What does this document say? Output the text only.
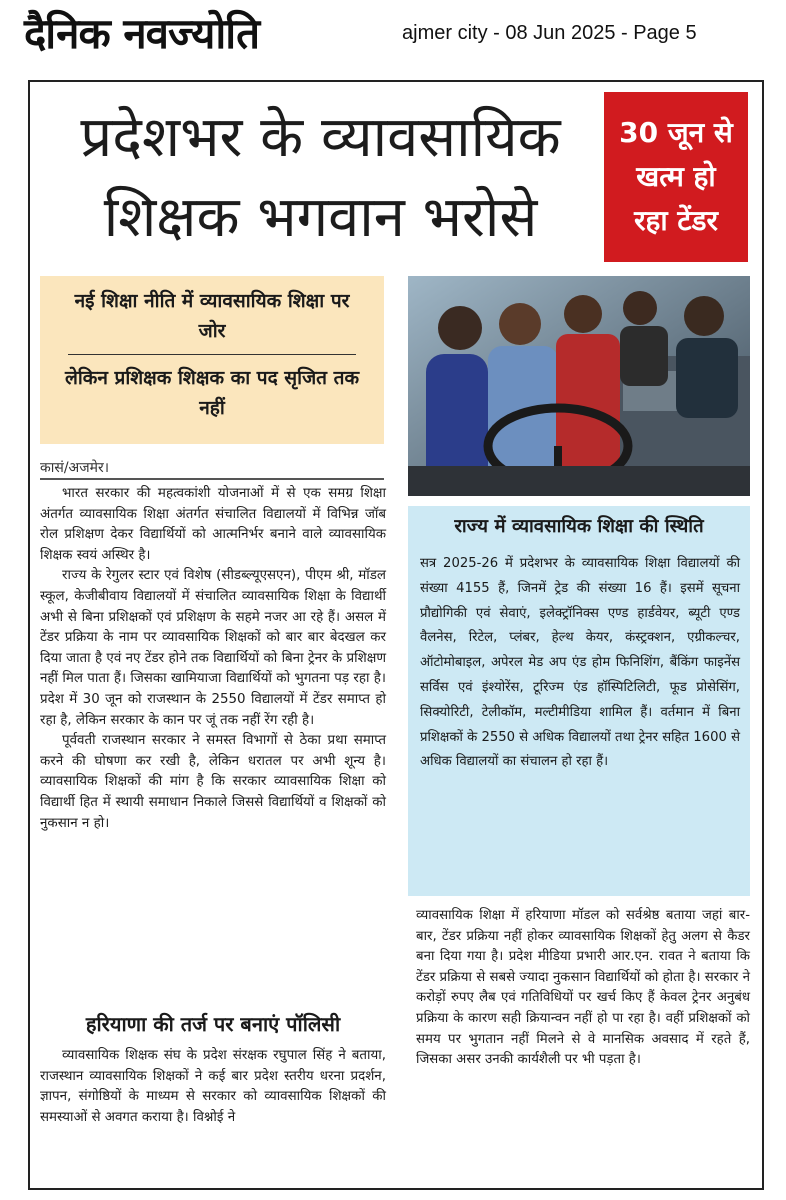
दैनिक नवज्योति	ajmer city - 08 Jun 2025 - Page 5
प्रदेशभर के व्यावसायिक
शिक्षक भगवान भरोसे
30 जून से
खत्म हो
रहा टेंडर
नई शिक्षा नीति में व्यावसायिक शिक्षा पर जोर
लेकिन प्रशिक्षक शिक्षक का पद सृजित तक नहीं
कासं/अजमेर।

भारत सरकार की महत्वकांशी योजनाओं में से एक समग्र शिक्षा अंतर्गत व्यावसायिक शिक्षा अंतर्गत संचालित विद्यालयों में विभिन्न जॉब रोल प्रशिक्षण देकर विद्यार्थियों को आत्मनिर्भर बनाने वाले व्यावसायिक शिक्षक स्वयं अस्थिर है।

राज्य के रेगुलर स्टार एवं विशेष (सीडब्ल्यूएसएन), पीएम श्री, मॉडल स्कूल, केजीबीवाय विद्यालयों में संचालित व्यावसायिक शिक्षा के विद्यार्थी अभी से बिना प्रशिक्षकों एवं प्रशिक्षण के सहमे नजर आ रहे हैं। असल में टेंडर प्रक्रिया के नाम पर व्यावसायिक शिक्षकों को बार बार बेदखल कर दिया जाता है एवं नए टेंडर होने तक विद्यार्थियों को बिना ट्रेनर के प्रशिक्षण नहीं मिल पाता हैं। जिसका खामियाजा विद्यार्थियों को भुगतना पड़ रहा है। प्रदेश में 30 जून को राजस्थान के 2550 विद्यालयों में टेंडर समाप्त हो रहा है, लेकिन सरकार के कान पर जूं तक नहीं रेंग रही है।

पूर्ववती राजस्थान सरकार ने समस्त विभागों से ठेका प्रथा समाप्त करने की घोषणा कर रखी है, लेकिन धरातल पर अभी शून्य है। व्यावसायिक शिक्षकों की मांग है कि सरकार व्यावसायिक शिक्षा को विद्यार्थी हित में स्थायी समाधान निकाले जिससे विद्यार्थियों व शिक्षकों को नुकसान न हो।

हरियाणा की तर्ज पर बनाएं पॉलिसी

व्यावसायिक शिक्षक संघ के प्रदेश संरक्षक रघुपाल सिंह ने बताया, राजस्थान व्यावसायिक शिक्षकों ने कई बार प्रदेश स्तरीय धरना प्रदर्शन, ज्ञापन, संगोष्ठियों के माध्यम से सरकार को व्यावसायिक शिक्षकों की समस्याओं से अवगत कराया है। विश्नोई ने

राज्य में व्यावसायिक शिक्षा की स्थिति
सत्र 2025-26 में प्रदेशभर के व्यावसायिक शिक्षा विद्यालयों की संख्या 4155 हैं, जिनमें ट्रेड की संख्या 16 हैं। इसमें सूचना प्रौद्योगिकी एवं सेवाएं, इलेक्ट्रॉनिक्स एण्ड हार्डवेयर, ब्यूटी एण्ड वैलनेस, रिटेल, प्लंबर, हेल्थ केयर, कंस्ट्रक्शन, एग्रीकल्चर, ऑटोमोबाइल, अपेरल मेड अप एंड होम फिनिशिंग, बैंकिंग फाइनेंस सर्विस एवं इंश्योरेंस, टूरिज्म एंड हॉस्पिटिलिटी, फूड प्रोसेसिंग, सिक्योरिटी, टेलीकॉम, मल्टीमीडिया शामिल हैं। वर्तमान में बिना प्रशिक्षकों के 2550 से अधिक विद्यालयों तथा ट्रेनर सहित 1600 से अधिक विद्यालयों का संचालन हो रहा हैं।

व्यावसायिक शिक्षा में हरियाणा मॉडल को सर्वश्रेष्ठ बताया जहां बार-बार, टेंडर प्रक्रिया नहीं होकर व्यावसायिक शिक्षकों हेतु अलग से कैडर बना दिया गया है। प्रदेश मीडिया प्रभारी आर.एन. रावत ने बताया कि टेंडर प्रक्रिया से सबसे ज्यादा नुकसान विद्यार्थियों को होता है। सरकार ने करोड़ों रुपए लैब एवं गतिविधियों पर खर्च किए हैं केवल ट्रेनर अनुबंध प्रक्रिया के कारण सही क्रियान्वन नहीं हो पा रहा है। वहीं प्रशिक्षकों को समय पर भुगतान नहीं मिलने से वे मानसिक अवसाद में रहते हैं, जिसका असर उनकी कार्यशैली पर भी पड़ता है।
